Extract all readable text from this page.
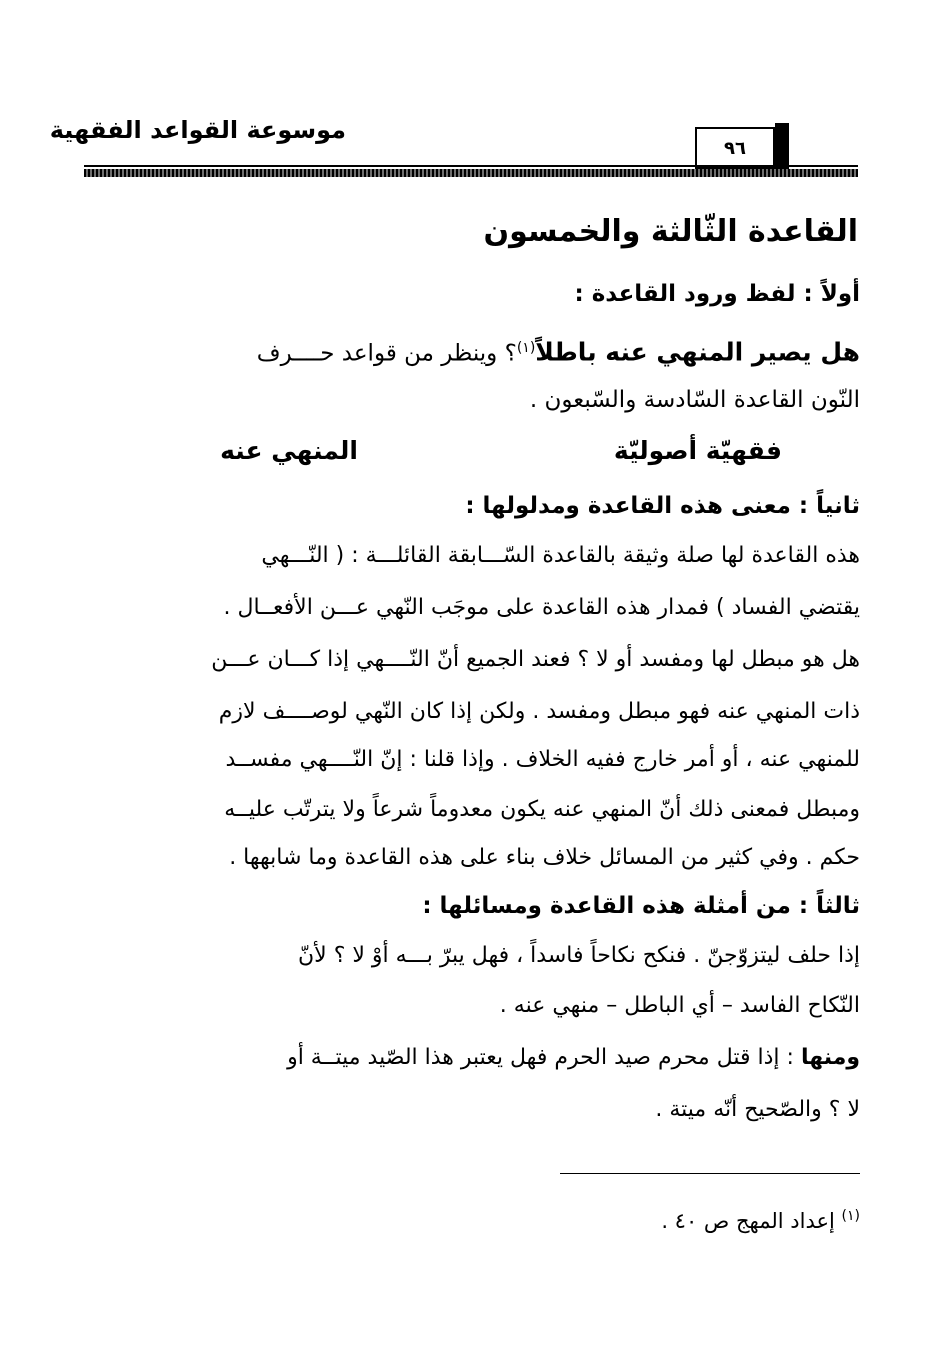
موسوعة القواعد الفقهية
٩٦
القاعدة الثّالثة والخمسون
أولاً : لفظ ورود القاعدة :
هل يصير المنهي عنه باطلاً$^{(١)}$؟ وينظر من قواعد حــــرف
النّون القاعدة السّادسة والسّبعون .
فقهيّة أصوليّة
المنهي عنه
ثانياً : معنى هذه القاعدة ومدلولها :
هذه القاعدة لها صلة وثيقة بالقاعدة السّـــابقة القائلـــة : ( النّـــهي
يقتضي الفساد ) فمدار هذه القاعدة على موجَب النّهي عـــن الأفعــال .
هل هو مبطل لها ومفسد أو لا ؟ فعند الجميع أنّ النّــــهي إذا كـــان عـــن
ذات المنهي عنه فهو مبطل ومفسد . ولكن إذا كان النّهي لوصــــف لازم
للمنهي عنه ، أو أمر خارج ففيه الخلاف . وإذا قلنا : إنّ النّــــهي مفســد
ومبطل فمعنى ذلك أنّ المنهي عنه يكون معدوماً شرعاً ولا يترتّب عليــه
حكم . وفي كثير من المسائل خلاف بناء على هذه القاعدة وما شابهها .
ثالثاً : من أمثلة هذه القاعدة ومسائلها :
إذا حلف ليتزوّجنّ . فنكح نكاحاً فاسداً ، فهل يبرّ بـــه أوْ لا ؟ لأنّ
النّكاح الفاسد – أي الباطل – منهي عنه .
ومنها : إذا قتل محرم صيد الحرم فهل يعتبر هذا الصّيد ميتــة أو
لا ؟ والصّحيح أنّه ميتة .
$^{(١)}$ إعداد المهج ص ٤٠ .
